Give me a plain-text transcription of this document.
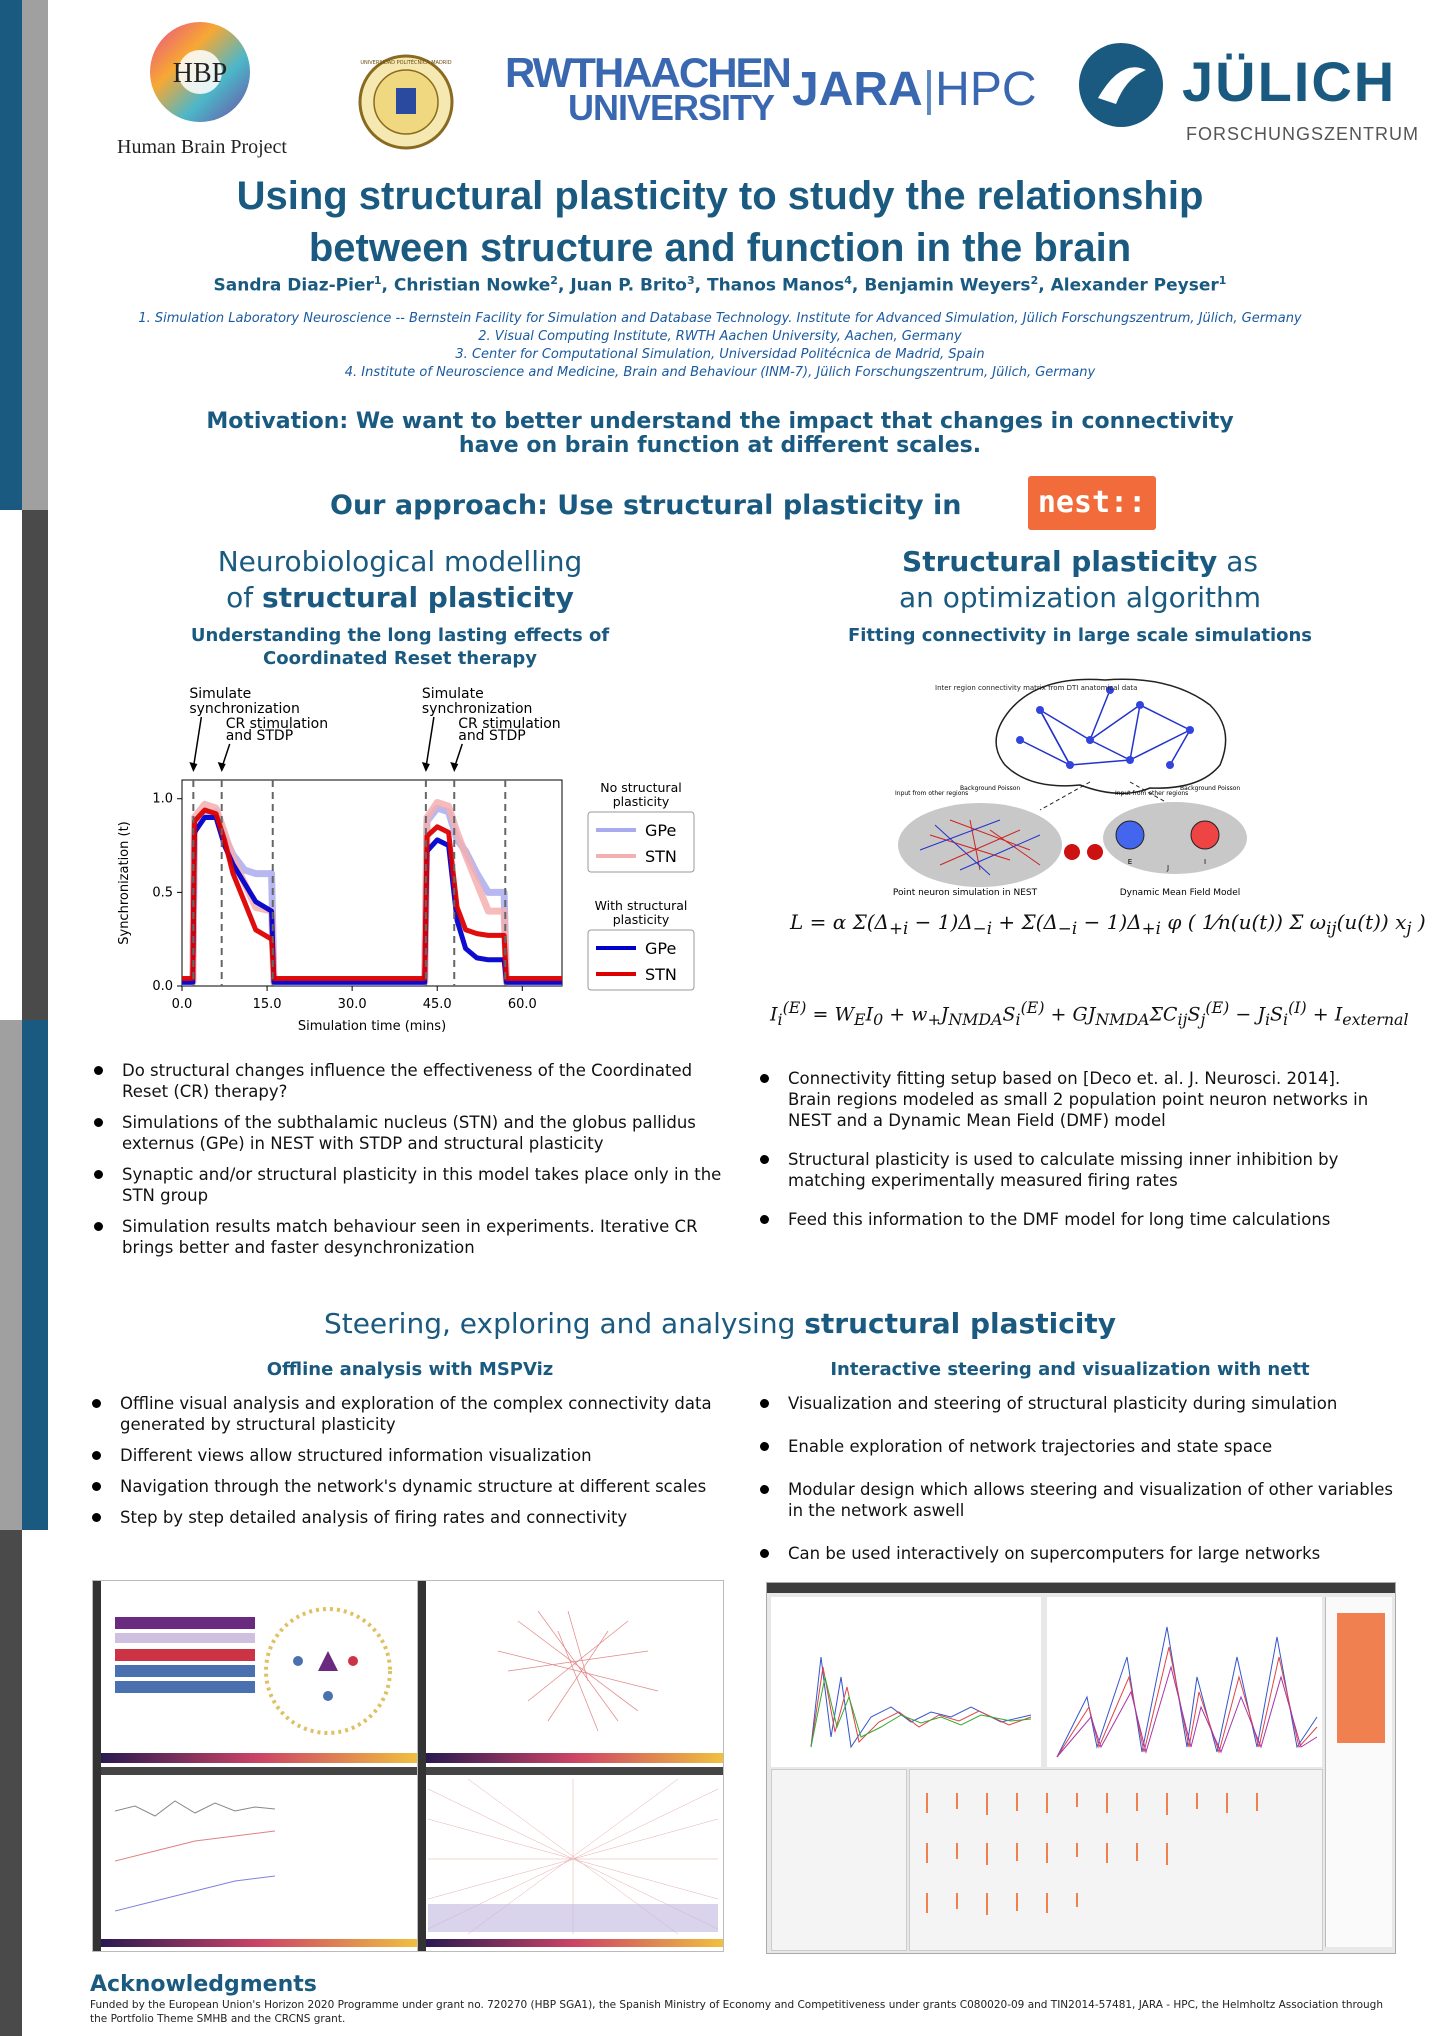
HBP
Human Brain Project
UNIVERSIDAD POLITÉCNICA MADRID RWTHAACHEN
UNIVERSITY JARA|HPC	JÜLICH
FORSCHUNGSZENTRUM
Using structural plasticity to study the relationship
between structure and function in the brain
Sandra Diaz-Pier$^1$, Christian Nowke$^2$, Juan P. Brito$^3$, Thanos Manos$^4$, Benjamin Weyers$^2$, Alexander Peyser$^1$
1. Simulation Laboratory Neuroscience -- Bernstein Facility for Simulation and Database Technology. Institute for Advanced Simulation, Jülich Forschungszentrum, Jülich, Germany
2. Visual Computing Institute, RWTH Aachen University, Aachen, Germany
3. Center for Computational Simulation, Universidad Politécnica de Madrid, Spain
4. Institute of Neuroscience and Medicine, Brain and Behaviour (INM-7), Jülich Forschungszentrum, Jülich, Germany
Motivation: We want to better understand the impact that changes in connectivity
have on brain function at different scales.
Our approach: Use structural plasticity in	nest::
Neurobiological modelling
of structural plasticity
Understanding the long lasting effects of
Coordinated Reset therapy
0.0	15.0	30.0	45.0	60.0
0.0
0.5
1.0
Simulation time (mins)
Synchronization (t)
Simulate
synchronization
CR stimulation
and STDP
Simulate
synchronization
CR stimulation
and STDP
No structural
plasticity
GPe
STN
With structural
plasticity
GPe
STN
Do structural changes influence the effectiveness of the Coordinated Reset (CR) therapy?
Simulations of the subthalamic nucleus (STN) and the globus pallidus externus (GPe) in NEST with STDP and structural plasticity
Synaptic and/or structural plasticity in this model takes place only in the STN group
Simulation results match behaviour seen in experiments. Iterative CR brings better and faster desynchronization
Structural plasticity as
an optimization algorithm
Fitting connectivity in large scale simulations
Inter region connectivity matrix from DTI anatomical data
E	I
J
Input from other regions
Background Poisson
Input from other regions
Background Poisson
Point neuron simulation in NEST	Dynamic Mean Field Model
L = α $\Sigma(\Delta_{+i} - 1)\Delta_{-i} + \Sigma(\Delta_{-i} - 1)\Delta_{+i}$ φ ( 1⁄n(u(t)) Σ $\omega_{ij}(u(t))$ $x_j$ )
$I_i^{(E)} = W_EI_0 + w_+J_{NMDA}S_i^{(E)} + GJ_{NMDA}\Sigma C_{ij}S_j^{(E)} - J_iS_i^{(I)} + I_{external}$
Connectivity fitting setup based on [Deco et. al. J. Neurosci. 2014]. Brain regions modeled as small 2 population point neuron networks in NEST and a Dynamic Mean Field (DMF) model
Structural plasticity is used to calculate missing inner inhibition by matching experimentally measured firing rates
Feed this information to the DMF model for long time calculations
Steering, exploring and analysing structural plasticity
Offline analysis with MSPViz	Interactive steering and visualization with nett
Offline visual analysis and exploration of the complex connectivity data generated by structural plasticity
Different views allow structured information visualization
Navigation through the network's dynamic structure at different scales
Step by step detailed analysis of firing rates and connectivity
Visualization and steering of structural plasticity during simulation
Enable exploration of network trajectories and state space
Modular design which allows steering and visualization of other variables in the network aswell
Can be used interactively on supercomputers for large networks
Acknowledgments
Funded by the European Union's Horizon 2020 Programme under grant no. 720270 (HBP SGA1), the Spanish Ministry of Economy and Competitiveness under grants C080020-09 and TIN2014-57481, JARA - HPC, the Helmholtz Association through the Portfolio Theme SMHB and the CRCNS grant.
